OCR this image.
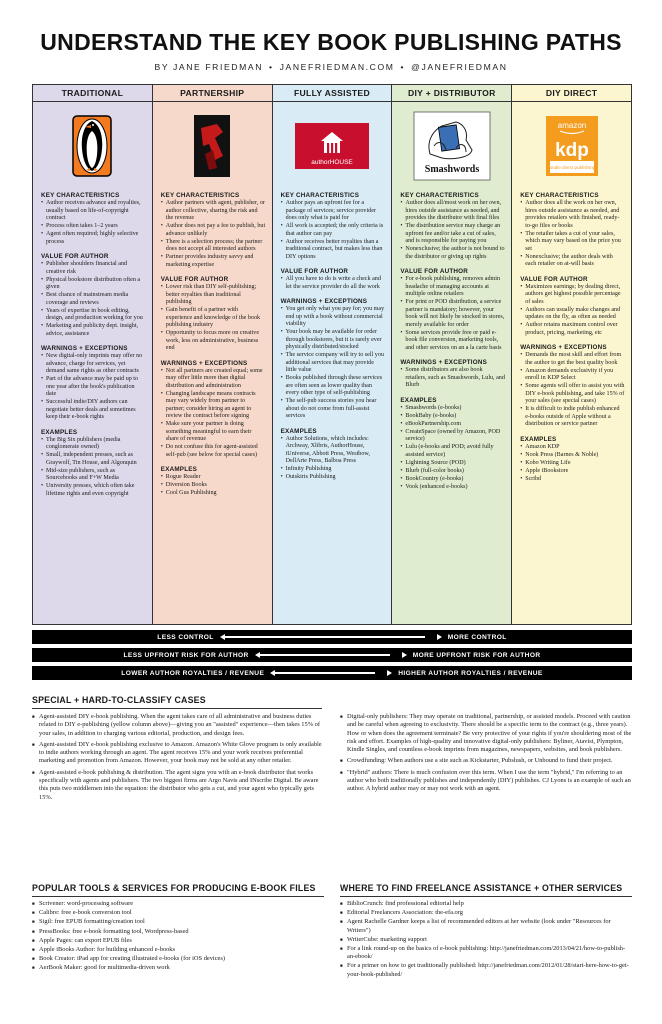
UNDERSTAND THE KEY BOOK PUBLISHING PATHS
BY JANE FRIEDMAN • JANEFRIEDMAN.COM • @JANEFRIEDMAN
TRADITIONAL
KEY CHARACTERISTICS
• Author receives advance and royalties, usually based on life-of-copyright contract
• Process often takes 1–2 years
• Agent often required; highly selective process
VALUE FOR AUTHOR
• Publisher shoulders financial and creative risk
• Physical bookstore distribution often a given
• Best chance of mainstream media coverage and reviews
• Years of expertise in book editing, design, and production working for you
• Marketing and publicity dept. insight, advice, assistance
WARNINGS + EXCEPTIONS
• New digital-only imprints may offer no advance, charge for services, yet demand same rights as other contracts
• Part of the advance may be paid up to one year after the book's publication date
• Successful indie/DIY authors can negotiate better deals and sometimes keep their e-book rights
EXAMPLES
• The Big Six publishers (media conglomerate owned)
• Small, independent presses, such as Graywolf, Tin House, and Algonquin
• Mid-size publishers, such as Sourcebooks and F+W Media
• University presses, which often take lifetime rights and even copyright
PARTNERSHIP
KEY CHARACTERISTICS
• Author partners with agent, publisher, or author collective, sharing the risk and the revenue
• Author does not pay a fee to publish, but advance unlikely
• There is a selection process; the partner does not accept all interested authors
• Partner provides industry savvy and marketing expertise
VALUE FOR AUTHOR
• Lower risk than DIY self-publishing; better royalties than traditional publishing
• Gain benefit of a partner with experience and knowledge of the book publishing industry
• Opportunity to focus more on creative work, less on administrative, business end
WARNINGS + EXCEPTIONS
• Not all partners are created equal; some may offer little more than digital distribution and administration
• Changing landscape means contracts may vary widely from partner to partner; consider hiring an agent to review the contract before signing
• Make sure your partner is doing something meaningful to earn their share of revenue
• Do not confuse this for agent-assisted self-pub (see below for special cases)
EXAMPLES
• Rogue Reader
• Diversion Books
• Cool Gus Publishing
FULLY ASSISTED
authorHOUSE
KEY CHARACTERISTICS
• Author pays an upfront fee for a package of services; service provider does only what is paid for
• All work is accepted; the only criteria is that author can pay
• Author receives better royalties than a traditional contract, but makes less than DIY options
VALUE FOR AUTHOR
• All you have to do is write a check and let the service provider do all the work
WARNINGS + EXCEPTIONS
• You get only what you pay for; you may end up with a book without commercial viability
• Your book may be available for order through bookstores, but it is rarely ever physically distributed/stocked
• The service company will try to sell you additional services that may provide little value
• Books published through these services are often seen as lower quality than every other type of self-publishing
• The self-pub success stories you hear about do not come from full-assist services
EXAMPLES
• Author Solutions, which includes: Archway, Xlibris, AuthorHouse, iUniverse, Abbott Press, Westbow, DellArte Press, Balboa Press
• Infinity Publishing
• Outskirts Publishing
DIY + DISTRIBUTOR
Smashwords
KEY CHARACTERISTICS
• Author does all/most work on her own, hires outside assistance as needed, and provides the distributor with final files
• The distribution service may charge an upfront fee and/or take a cut of sales, and is responsible for paying you
• Nonexclusive; the author is not bound to the distributor or giving up rights
VALUE FOR AUTHOR
• For e-book publishing, removes admin headache of managing accounts at multiple online retailers
• For print or POD distribution, a service partner is mandatory; however, your book will not likely be stocked in stores, merely available for order
• Some services provide free or paid e-book file conversion, marketing tools, and other services on an a la carte basis
WARNINGS + EXCEPTIONS
• Some distributors are also book retailers, such as Smashwords, Lulu, and Blurb
EXAMPLES
• Smashwords (e-books)
• BookBaby (e-books)
• eBookPartnership.com
• CreateSpace (owned by Amazon, POD service)
• Lulu (e-books and POD; avoid fully assisted service)
• Lightning Source (POD)
• Blurb (full-color books)
• BookCountry (e-books)
• Vook (enhanced e-books)
DIY DIRECT
amazon
kdp
kindle direct publishing
KEY CHARACTERISTICS
• Author does all the work on her own, hires outside assistance as needed, and provides retailers with finished, ready-to-go files or books
• The retailer takes a cut of your sales, which may vary based on the price you set
• Nonexclusive; the author deals with each retailer on at-will basis
VALUE FOR AUTHOR
• Maximizes earnings; by dealing direct, authors get highest possible percentage of sales
• Authors can usually make changes and updates on the fly, as often as needed
• Author retains maximum control over product, pricing, marketing, etc
WARNINGS + EXCEPTIONS
• Demands the most skill and effort from the author to get the best quality book
• Amazon demands exclusivity if you enroll in KDP Select
• Some agents will offer to assist you with DIY e-book publishing, and take 15% of your sales (see special cases)
• It is difficult to indie publish enhanced e-books outside of Apple without a distribution or service partner
EXAMPLES
• Amazon KDP
• Nook Press (Barnes & Noble)
• Kobo Writing Life
• Apple iBookstore
• Scribd
LESS CONTROL	MORE CONTROL
LESS UPFRONT RISK FOR AUTHOR	MORE UPFRONT RISK FOR AUTHOR
LOWER AUTHOR ROYALTIES / REVENUE	HIGHER AUTHOR ROYALTIES / REVENUE
SPECIAL + HARD-TO-CLASSIFY CASES
■ Agent-assisted DIY e-book publishing. When the agent takes care of all administrative and business duties related to DIY e-publishing (yellow column above)—giving you an "assisted" experience—then takes 15% of your sales, in addition to charging various editorial, production, and design fees.
■ Agent-assisted DIY e-book publishing exclusive to Amazon. Amazon's White Glove program is only available to indie authors working through an agent. The agent receives 15% and your work receives preferential marketing and promotion from Amazon. However, your book may not be sold at any other retailer.
■ Agent-assisted e-book publishing & distribution. The agent signs you with an e-book distributor that works specifically with agents and publishers. The two biggest firms are Argo Navis and INscribe Digital. Be aware this puts two middlemen into the equation: the distributor who gets a cut, and your agent who typically gets 15%.
■ Digital-only publishers: They may operate on traditional, partnership, or assisted models. Proceed with caution and be careful when agreeing to exclusivity. There should be a specific term to the contract (e.g., three years). How or when does the agreement terminate? Be very protective of your rights if you're shouldering most of the risk and effort. Examples of high-quality and innovative digital-only publishers: Byliner, Atavist, Plympton, Kindle Singles, and countless e-book imprints from magazines, newspapers, websites, and book publishers.
■ Crowdfunding: When authors use a site such as Kickstarter, Pubslush, or Unbound to fund their project.
■ "Hybrid" authors: There is much confusion over this term. When I use the term "hybrid," I'm referring to an author who both traditionally publishes and independently (DIY) publishes. CJ Lyons is an example of such an author. A hybrid author may or may not work with an agent.
POPULAR TOOLS & SERVICES FOR PRODUCING E-BOOK FILES
■ Scrivener: word-processing software
■ Calibre: free e-book conversion tool
■ Sigil: free EPUB formatting/creation tool
■ PressBooks: free e-book formatting tool, Wordpress-based
■ Apple Pages: can export EPUB files
■ Apple iBooks Author: for building enhanced e-books
■ Book Creator: iPad app for creating illustrated e-books (for iOS devices)
■ AerBook Maker: good for multimedia-driven work
WHERE TO FIND FREELANCE ASSISTANCE + OTHER SERVICES
■ BiblioCrunch: find professional editorial help
■ Editorial Freelancers Association: the-efa.org
■ Agent Rachelle Gardner keeps a list of recommended editors at her website (look under "Resources for Writers")
■ WriterCube: marketing support
■ For a link round-up on the basics of e-book publishing: http://janefriedman.com/2013/04/21/how-to-publish-an-ebook/
■ For a primer on how to get traditionally published: http://janefriedman.com/2012/01/28/start-here-how-to-get-your-book-published/
